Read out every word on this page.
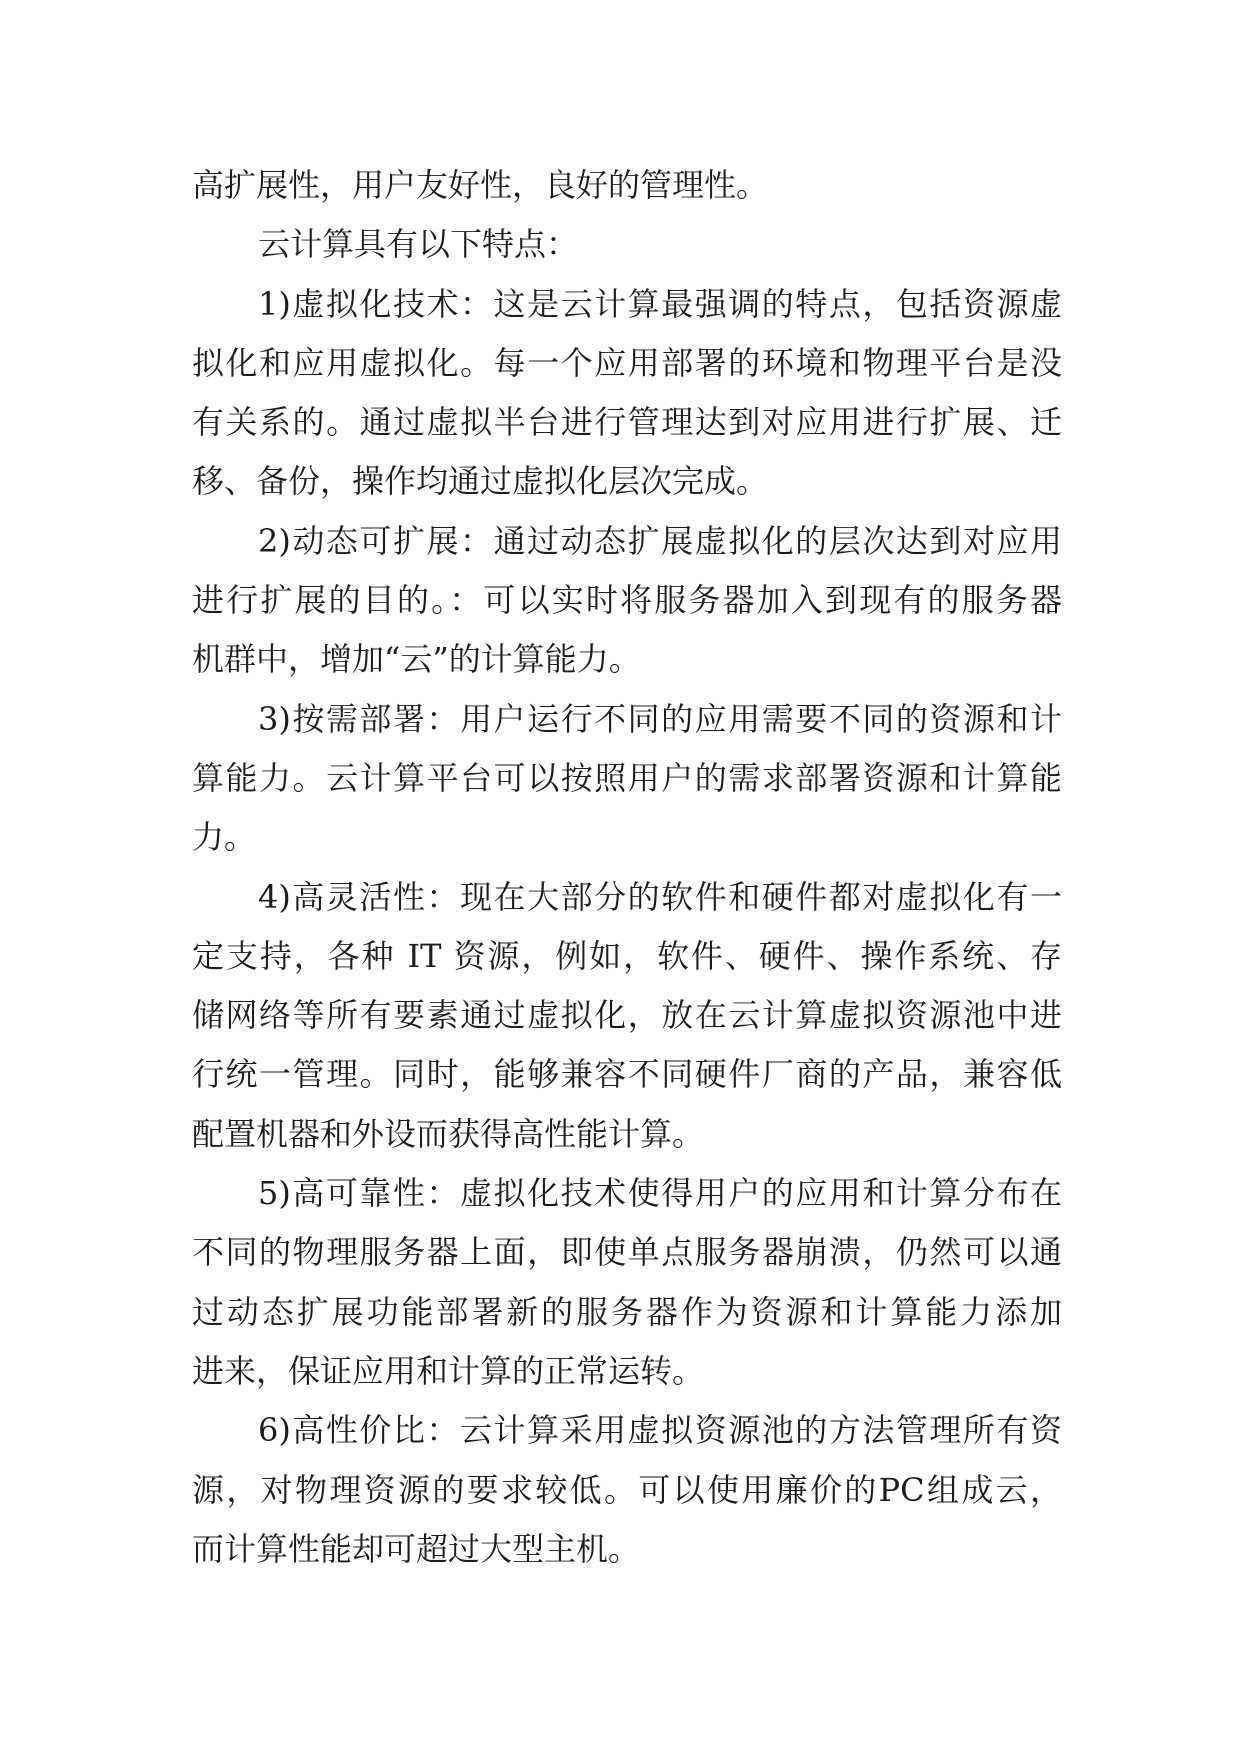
高扩展性，用户友好性，良好的管理性。
云计算具有以下特点：
1)虚拟化技术：这是云计算最强调的特点，包括资源虚
拟化和应用虚拟化。每一个应用部署的环境和物理平台是没
有关系的。通过虚拟半台进行管理达到对应用进行扩展、迁
移、备份，操作均通过虚拟化层次完成。
2)动态可扩展：通过动态扩展虚拟化的层次达到对应用
进行扩展的目的。：可以实时将服务器加入到现有的服务器
机群中，增加“云”的计算能力。
3)按需部署：用户运行不同的应用需要不同的资源和计
算能力。云计算平台可以按照用户的需求部署资源和计算能
力。
4)高灵活性：现在大部分的软件和硬件都对虚拟化有一
定支持，各种 IT 资源，例如，软件、硬件、操作系统、存
储网络等所有要素通过虚拟化，放在云计算虚拟资源池中进
行统一管理。同时，能够兼容不同硬件厂商的产品，兼容低
配置机器和外设而获得高性能计算。
5)高可靠性：虚拟化技术使得用户的应用和计算分布在
不同的物理服务器上面，即使单点服务器崩溃，仍然可以通
过动态扩展功能部署新的服务器作为资源和计算能力添加
进来，保证应用和计算的正常运转。
6)高性价比：云计算采用虚拟资源池的方法管理所有资
源，对物理资源的要求较低。可以使用廉价的PC组成云，
而计算性能却可超过大型主机。
